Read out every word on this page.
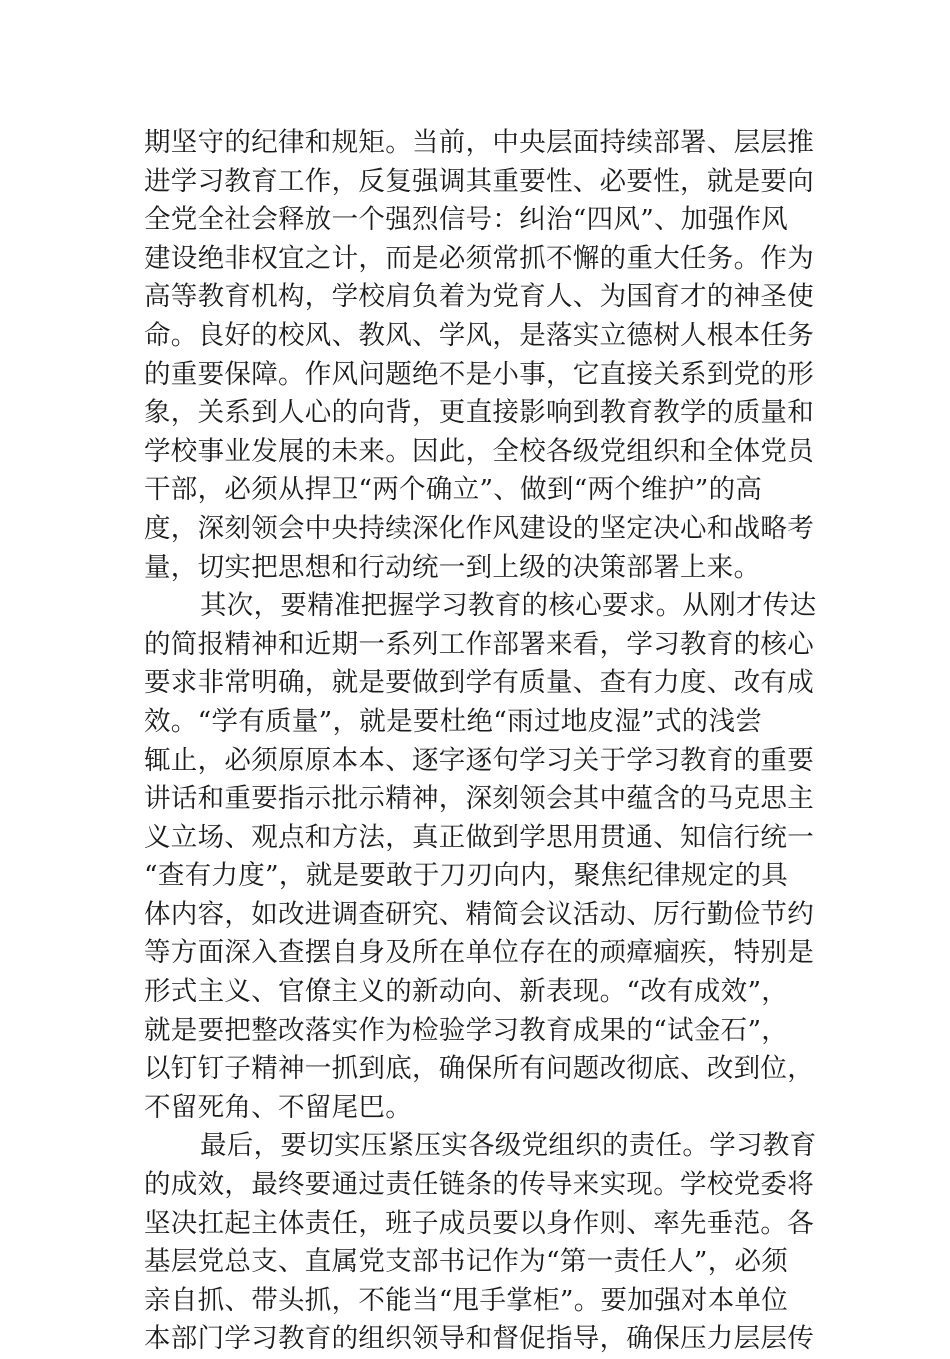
期坚守的纪律和规矩。当前，中央层面持续部署、层层推
进学习教育工作，反复强调其重要性、必要性，就是要向
全党全社会释放一个强烈信号：纠治“四风”、加强作风
建设绝非权宜之计，而是必须常抓不懈的重大任务。作为
高等教育机构，学校肩负着为党育人、为国育才的神圣使
命。良好的校风、教风、学风，是落实立德树人根本任务
的重要保障。作风问题绝不是小事，它直接关系到党的形
象，关系到人心的向背，更直接影响到教育教学的质量和
学校事业发展的未来。因此，全校各级党组织和全体党员
干部，必须从捍卫“两个确立”、做到“两个维护”的高
度，深刻领会中央持续深化作风建设的坚定决心和战略考
量，切实把思想和行动统一到上级的决策部署上来。
其次，要精准把握学习教育的核心要求。从刚才传达
的简报精神和近期一系列工作部署来看，学习教育的核心
要求非常明确，就是要做到学有质量、查有力度、改有成
效。“学有质量”，就是要杜绝“雨过地皮湿”式的浅尝
辄止，必须原原本本、逐字逐句学习关于学习教育的重要
讲话和重要指示批示精神，深刻领会其中蕴含的马克思主
义立场、观点和方法，真正做到学思用贯通、知信行统一
“查有力度”，就是要敢于刀刃向内，聚焦纪律规定的具
体内容，如改进调查研究、精简会议活动、厉行勤俭节约
等方面深入查摆自身及所在单位存在的顽瘴痼疾，特别是
形式主义、官僚主义的新动向、新表现。“改有成效”，
就是要把整改落实作为检验学习教育成果的“试金石”，
以钉钉子精神一抓到底，确保所有问题改彻底、改到位，
不留死角、不留尾巴。
最后，要切实压紧压实各级党组织的责任。学习教育
的成效，最终要通过责任链条的传导来实现。学校党委将
坚决扛起主体责任，班子成员要以身作则、率先垂范。各
基层党总支、直属党支部书记作为“第一责任人”，必须
亲自抓、带头抓，不能当“甩手掌柜”。要加强对本单位
本部门学习教育的组织领导和督促指导，确保压力层层传
